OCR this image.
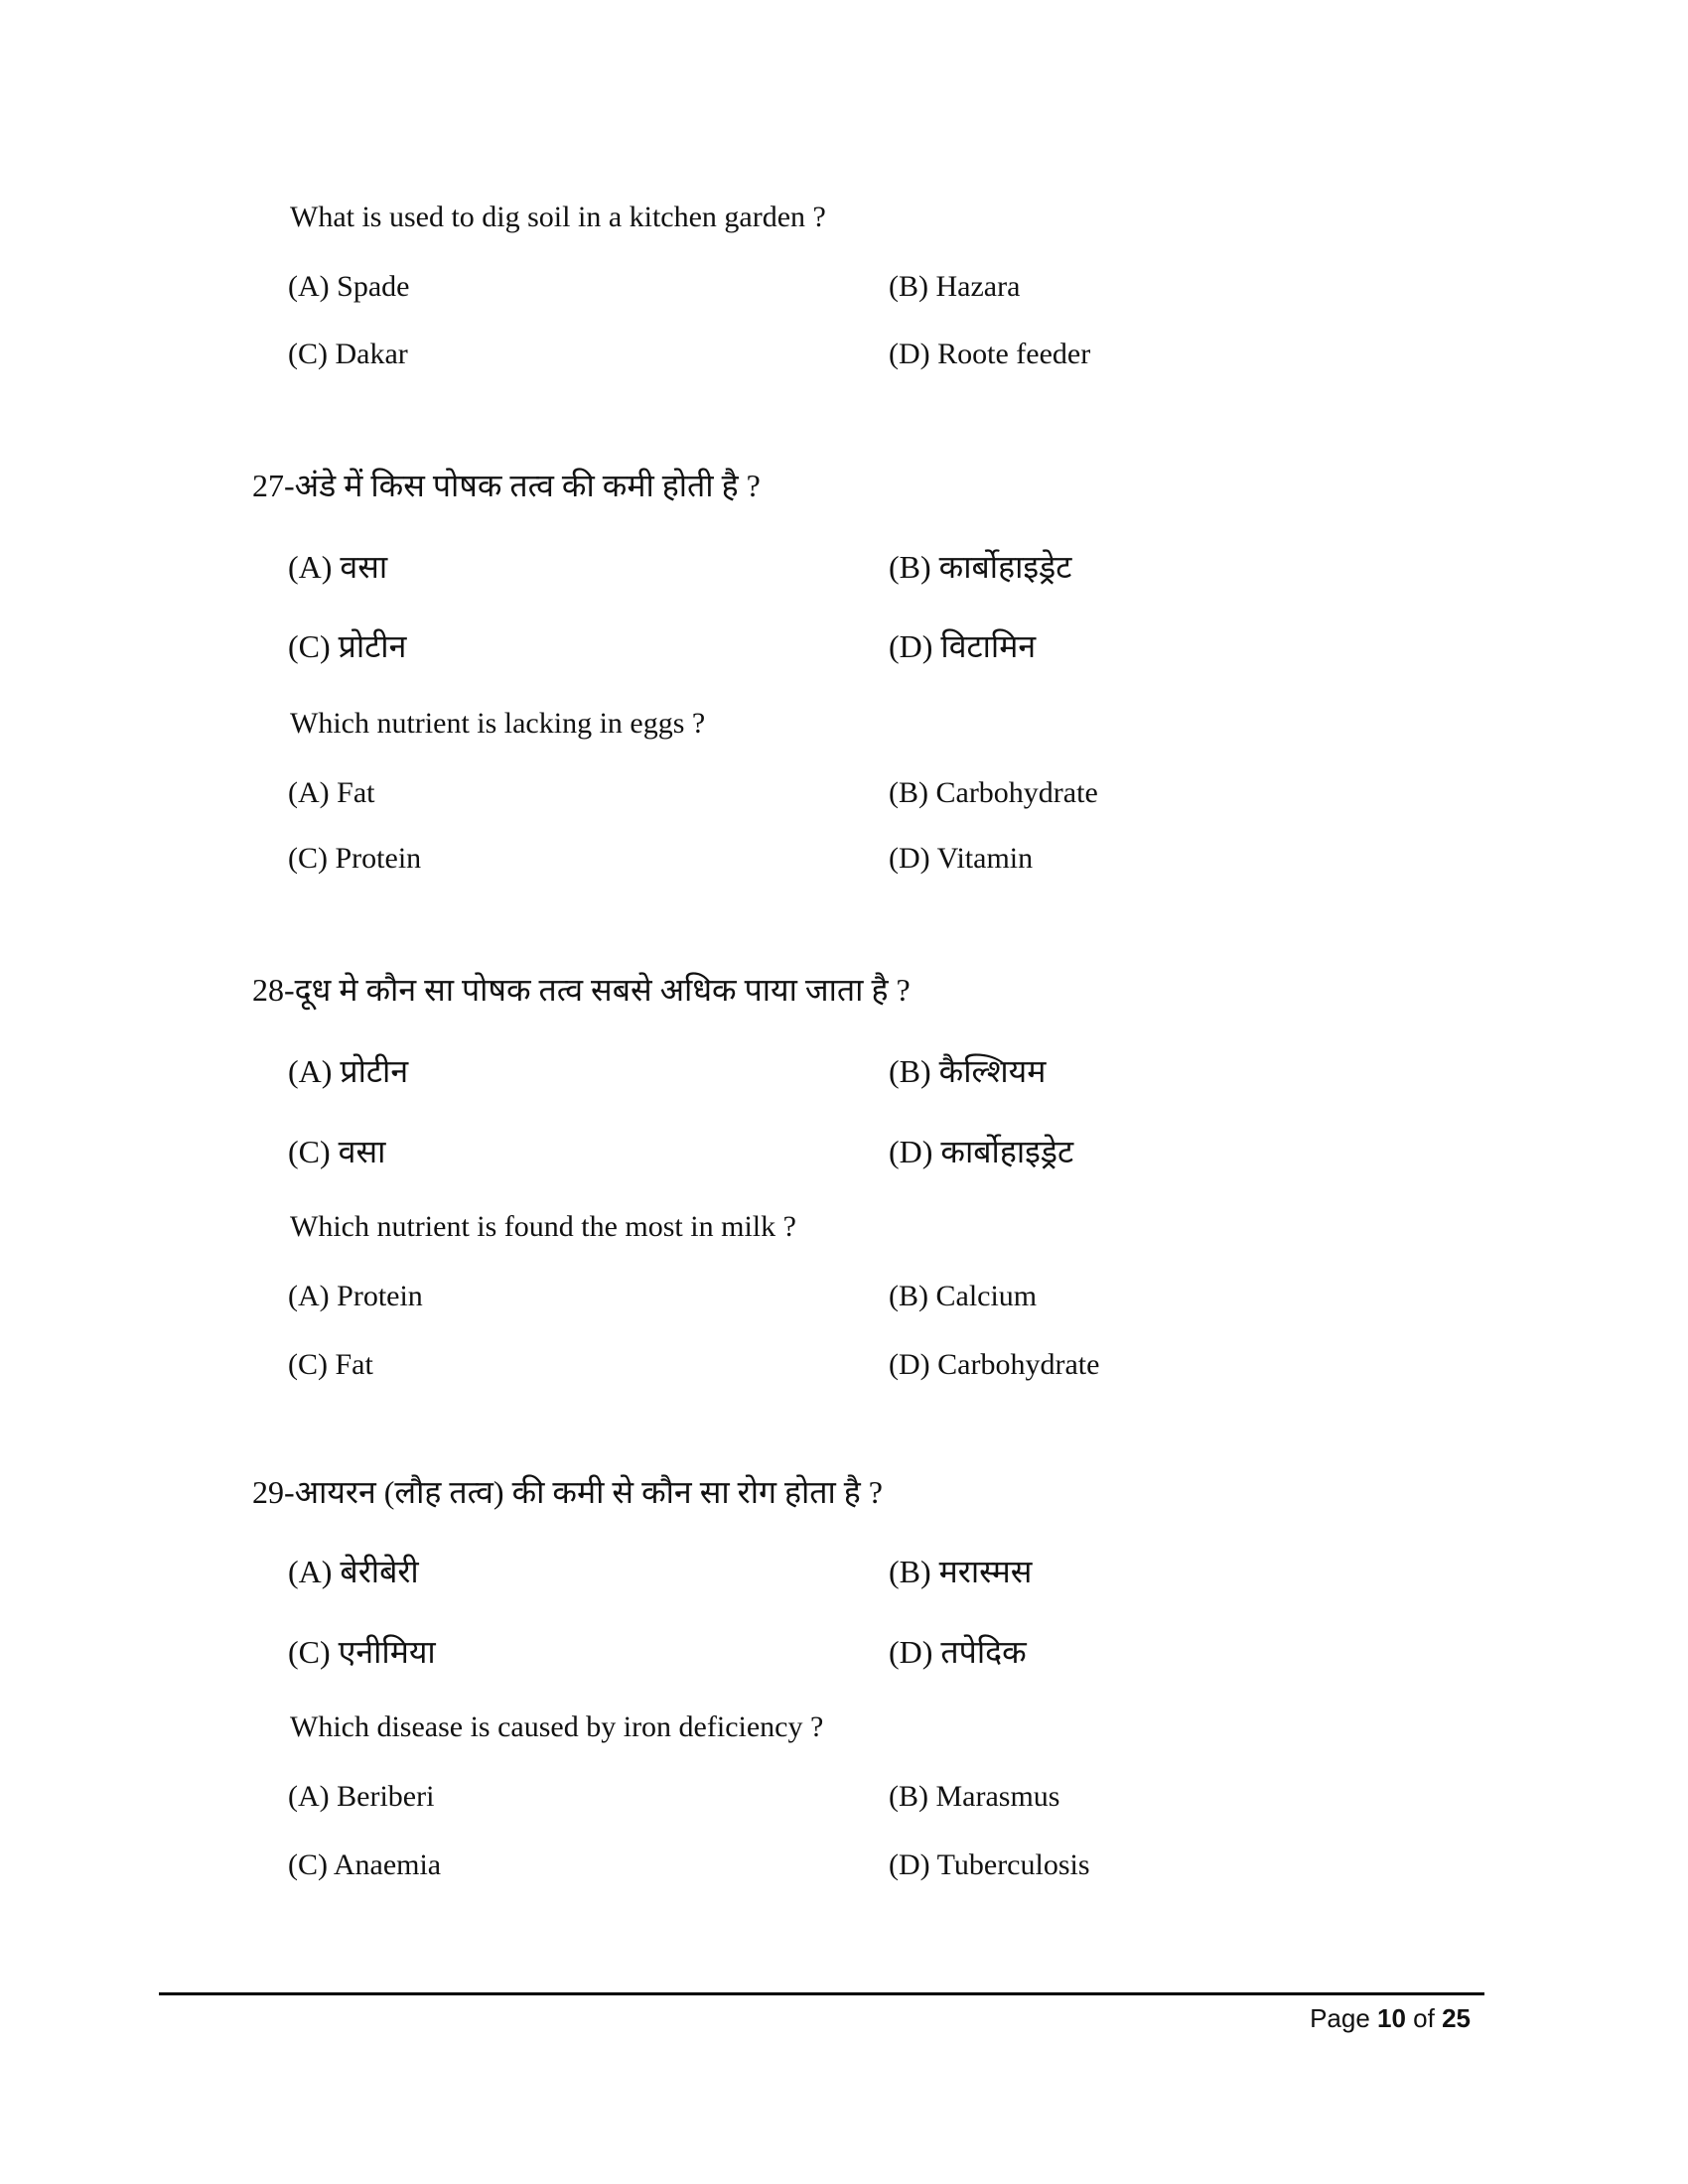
What is used to dig soil in a kitchen garden ?
(A) Spade	(B) Hazara
(C) Dakar	(D) Roote feeder
27-अंडे में किस पोषक तत्व की कमी होती है ?
(A) वसा	(B) कार्बोहाइड्रेट
(C) प्रोटीन	(D) विटामिन
Which nutrient is lacking in eggs ?
(A) Fat	(B) Carbohydrate
(C) Protein	(D) Vitamin
28-दूध मे कौन सा पोषक तत्व सबसे अधिक पाया जाता है ?
(A) प्रोटीन	(B) कैल्शियम
(C) वसा	(D) कार्बोहाइड्रेट
Which nutrient is found the most in milk ?
(A) Protein	(B) Calcium
(C) Fat	(D) Carbohydrate
29-आयरन (लौह तत्व) की कमी से कौन सा रोग होता है ?
(A) बेरीबेरी	(B) मरास्मस
(C) एनीमिया	(D) तपेदिक
Which disease is caused by iron deficiency ?
(A) Beriberi	(B) Marasmus
(C) Anaemia	(D) Tuberculosis
Page 10 of 25
